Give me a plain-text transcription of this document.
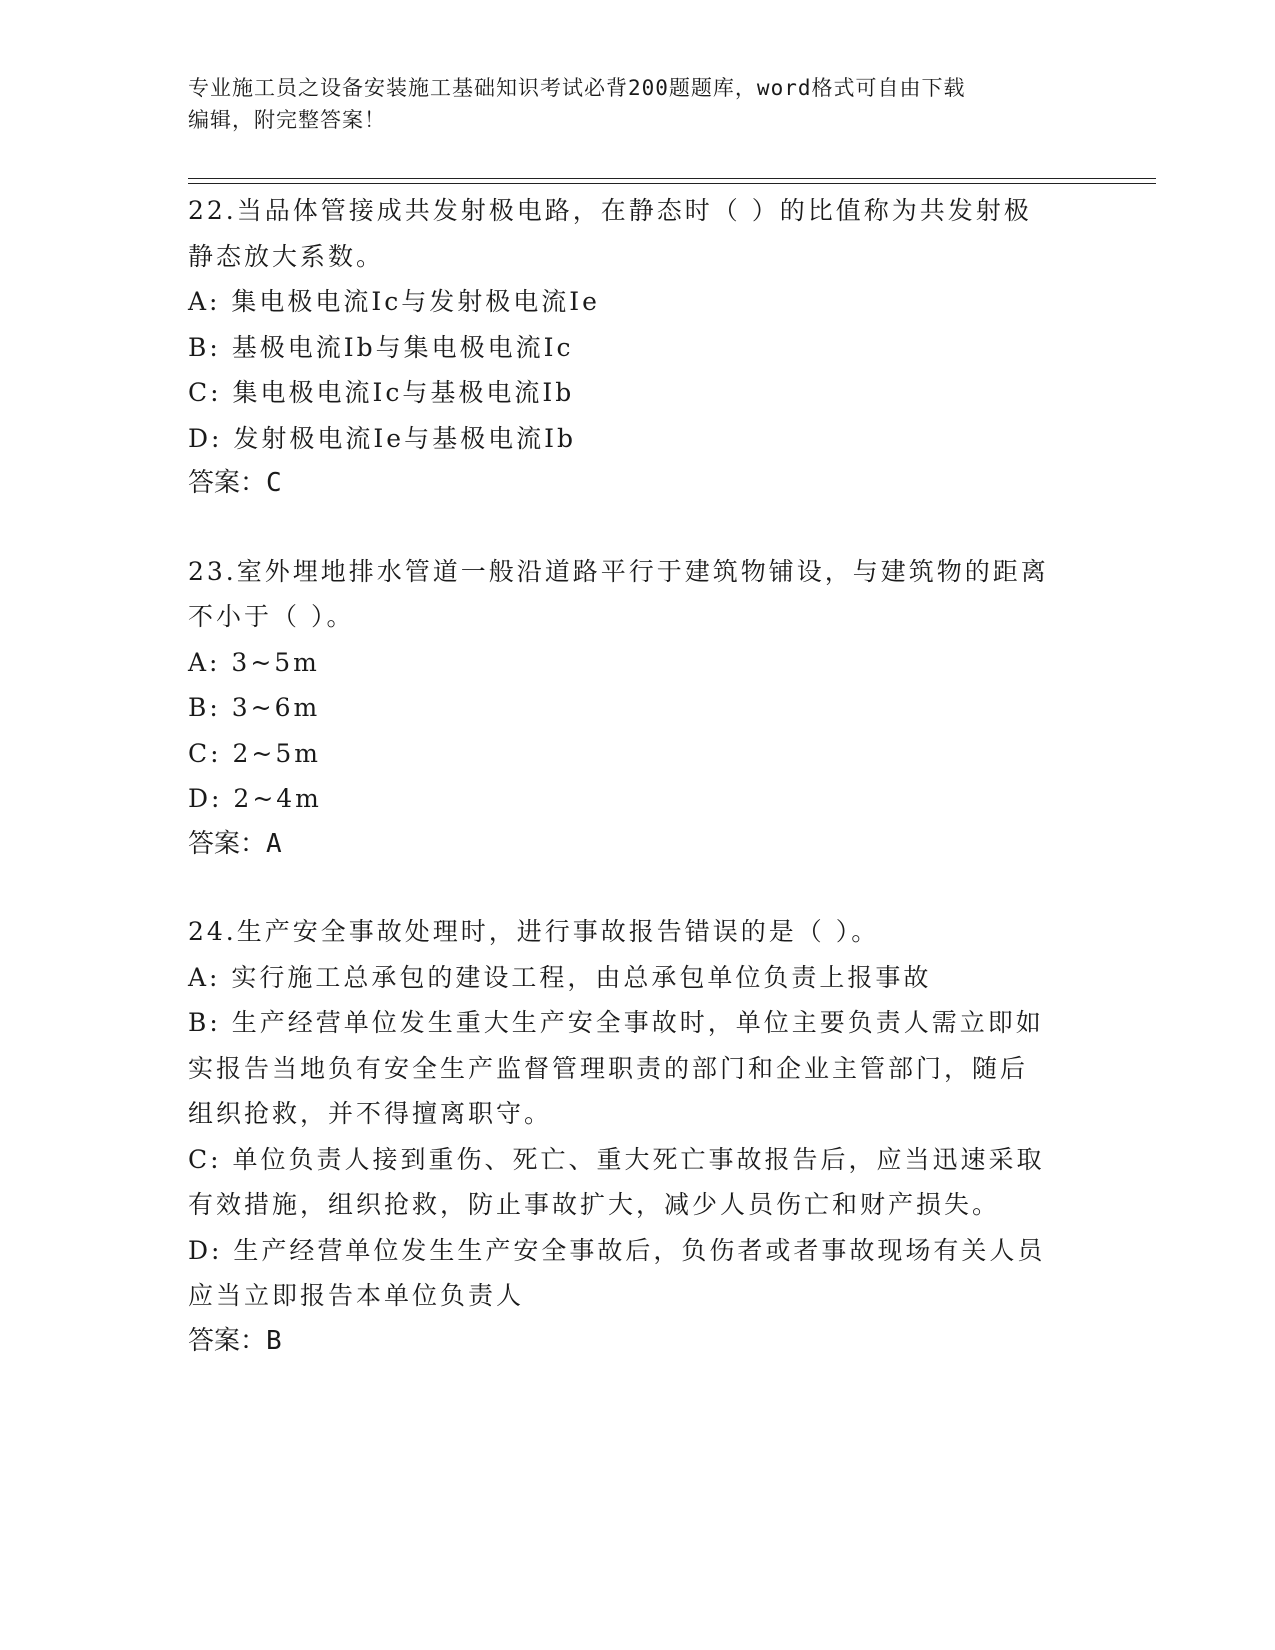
专业施工员之设备安装施工基础知识考试必背200题题库，word格式可自由下载
编辑，附完整答案！
22.当品体管接成共发射极电路，在静态时（ ）的比值称为共发射极
静态放大系数。
A: 集电极电流Ic与发射极电流Ie
B: 基极电流Ib与集电极电流Ic
C: 集电极电流Ic与基极电流Ib
D: 发射极电流Ie与基极电流Ib
答案：C
23.室外埋地排水管道一般沿道路平行于建筑物铺设，与建筑物的距离
不小于（ ）。
A: 3~5m
B: 3~6m
C: 2~5m
D: 2~4m
答案：A
24.生产安全事故处理时，进行事故报告错误的是（ ）。
A: 实行施工总承包的建设工程，由总承包单位负责上报事故
B: 生产经营单位发生重大生产安全事故时，单位主要负责人需立即如
实报告当地负有安全生产监督管理职责的部门和企业主管部门，随后
组织抢救，并不得擅离职守。
C: 单位负责人接到重伤、死亡、重大死亡事故报告后，应当迅速采取
有效措施，组织抢救，防止事故扩大，减少人员伤亡和财产损失。
D: 生产经营单位发生生产安全事故后，负伤者或者事故现场有关人员
应当立即报告本单位负责人
答案：B
